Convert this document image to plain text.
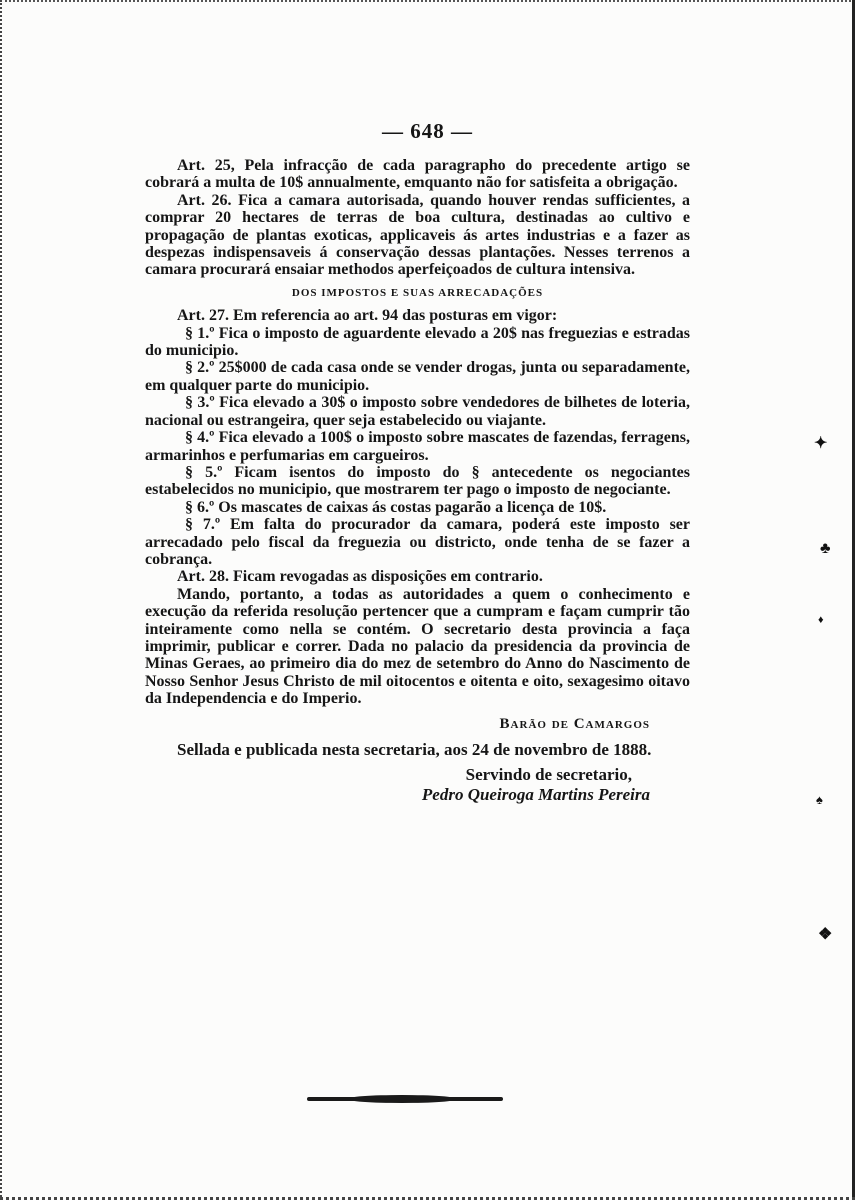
— 648 —

Art. 25, Pela infracção de cada paragrapho do precedente artigo se cobrará a multa de 10$ annualmente, emquanto não for satisfeita a obrigação.

Art. 26. Fica a camara autorisada, quando houver rendas sufficientes, a comprar 20 hectares de terras de boa cultura, destinadas ao cultivo e propagação de plantas exoticas, applicaveis ás artes industrias e a fazer as despezas indispensaveis á conservação dessas plantações. Nesses terrenos a camara procurará ensaiar methodos aperfeiçoados de cultura intensiva.

DOS IMPOSTOS E SUAS ARRECADAÇÕES

Art. 27. Em referencia ao art. 94 das posturas em vigor:

§ 1.º Fica o imposto de aguardente elevado a 20$ nas freguezias e estradas do municipio.

§ 2.º 25$000 de cada casa onde se vender drogas, junta ou separadamente, em qualquer parte do municipio.

§ 3.º Fica elevado a 30$ o imposto sobre vendedores de bilhetes de loteria, nacional ou estrangeira, quer seja estabelecido ou viajante.

§ 4.º Fica elevado a 100$ o imposto sobre mascates de fazendas, ferragens, armarinhos e perfumarias em cargueiros.

§ 5.º Ficam isentos do imposto do § antecedente os negociantes estabelecidos no municipio, que mostrarem ter pago o imposto de negociante.

§ 6.º Os mascates de caixas ás costas pagarão a licença de 10$.

§ 7.º Em falta do procurador da camara, poderá este imposto ser arrecadado pelo fiscal da freguezia ou districto, onde tenha de se fazer a cobrança.

Art. 28. Ficam revogadas as disposições em contrario.

Mando, portanto, a todas as autoridades a quem o conhecimento e execução da referida resolução pertencer que a cumpram e façam cumprir tão inteiramente como nella se contém. O secretario desta provincia a faça imprimir, publicar e correr. Dada no palacio da presidencia da provincia de Minas Geraes, ao primeiro dia do mez de setembro do Anno do Nascimento de Nosso Senhor Jesus Christo de mil oitocentos e oitenta e oito, sexagesimo oitavo da Independencia e do Imperio.

Barão de Camargos

Sellada e publicada nesta secretaria, aos 24 de novembro de 1888.

Servindo de secretario,

Pedro Queiroga Martins Pereira

✦
♣
♦
♠
❖
